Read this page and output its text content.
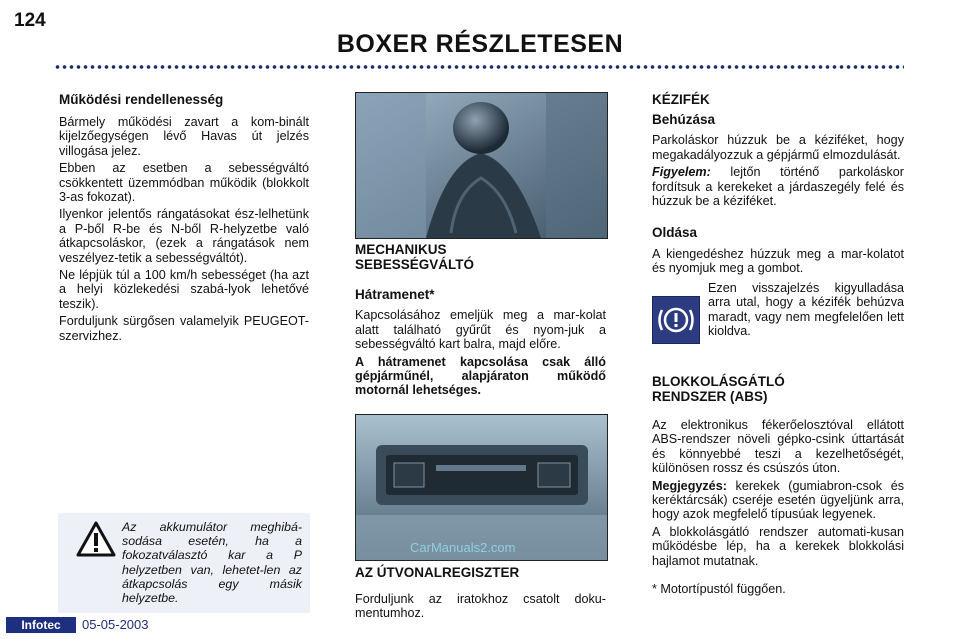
124
BOXER RÉSZLETESEN
Működési rendellenesség

Bármely működési zavart a kom-binált kijelzőegységen lévő Havas út jelzés villogása jelez.

Ebben az esetben a sebességváltó csökkentett üzemmódban működik (blokkolt 3-as fokozat).

Ilyenkor jelentős rángatásokat ész-lelhetünk a P-ből R-be és N-ből R-helyzetbe való átkapcsoláskor, (ezek a rángatások nem veszélyez-tetik a sebességváltót).

Ne lépjük túl a 100 km/h sebességet (ha azt a helyi közlekedési szabá-lyok lehetővé teszik).

Forduljunk sürgősen valamelyik PEUGEOT-szervizhez.

Az akkumulátor meghibá-sodása esetén, ha a fokozatválasztó kar a P helyzetben van, lehetet-len az átkapcsolás egy másik helyzetbe.
MECHANIKUS SEBESSÉGVÁLTÓ
Hátramenet*

Kapcsolásához emeljük meg a mar-kolat alatt található gyűrűt és nyom-juk a sebességváltó kart balra, majd előre.

A hátramenet kapcsolása csak álló gépjárműnél, alapjáraton működő motornál lehetséges.

CarManuals2.com
AZ ÚTVONALREGISZTER

Forduljunk az iratokhoz csatolt doku-mentumhoz.

KÉZIFÉK
Behúzása

Parkoláskor húzzuk be a kéziféket, hogy megakadályozzuk a gépjármű elmozdulását.

Figyelem: lejtőn történő parkoláskor fordítsuk a kerekeket a járdaszegély felé és húzzuk be a kéziféket.

Oldása

A kiengedéshez húzzuk meg a mar-kolatot és nyomjuk meg a gombot.

Ezen visszajelzés kigyulladása arra utal, hogy a kézifék behúzva maradt, vagy nem megfelelően lett kioldva.
BLOKKOLÁSGÁTLÓ RENDSZER (ABS)

Az elektronikus fékerőelosztóval ellátott ABS-rendszer növeli gépko-csink úttartását és könnyebbé teszi a kezelhetőségét, különösen rossz és csúszós úton.

Megjegyzés: kerekek (gumiabron-csok és keréktárcsák) cseréje esetén ügyeljünk arra, hogy azok megfelelő típusúak legyenek.

A blokkolásgátló rendszer automati-kusan működésbe lép, ha a kerekek blokkolási hajlamot mutatnak.

* Motortípustól függően.

Infotec	05-05-2003
